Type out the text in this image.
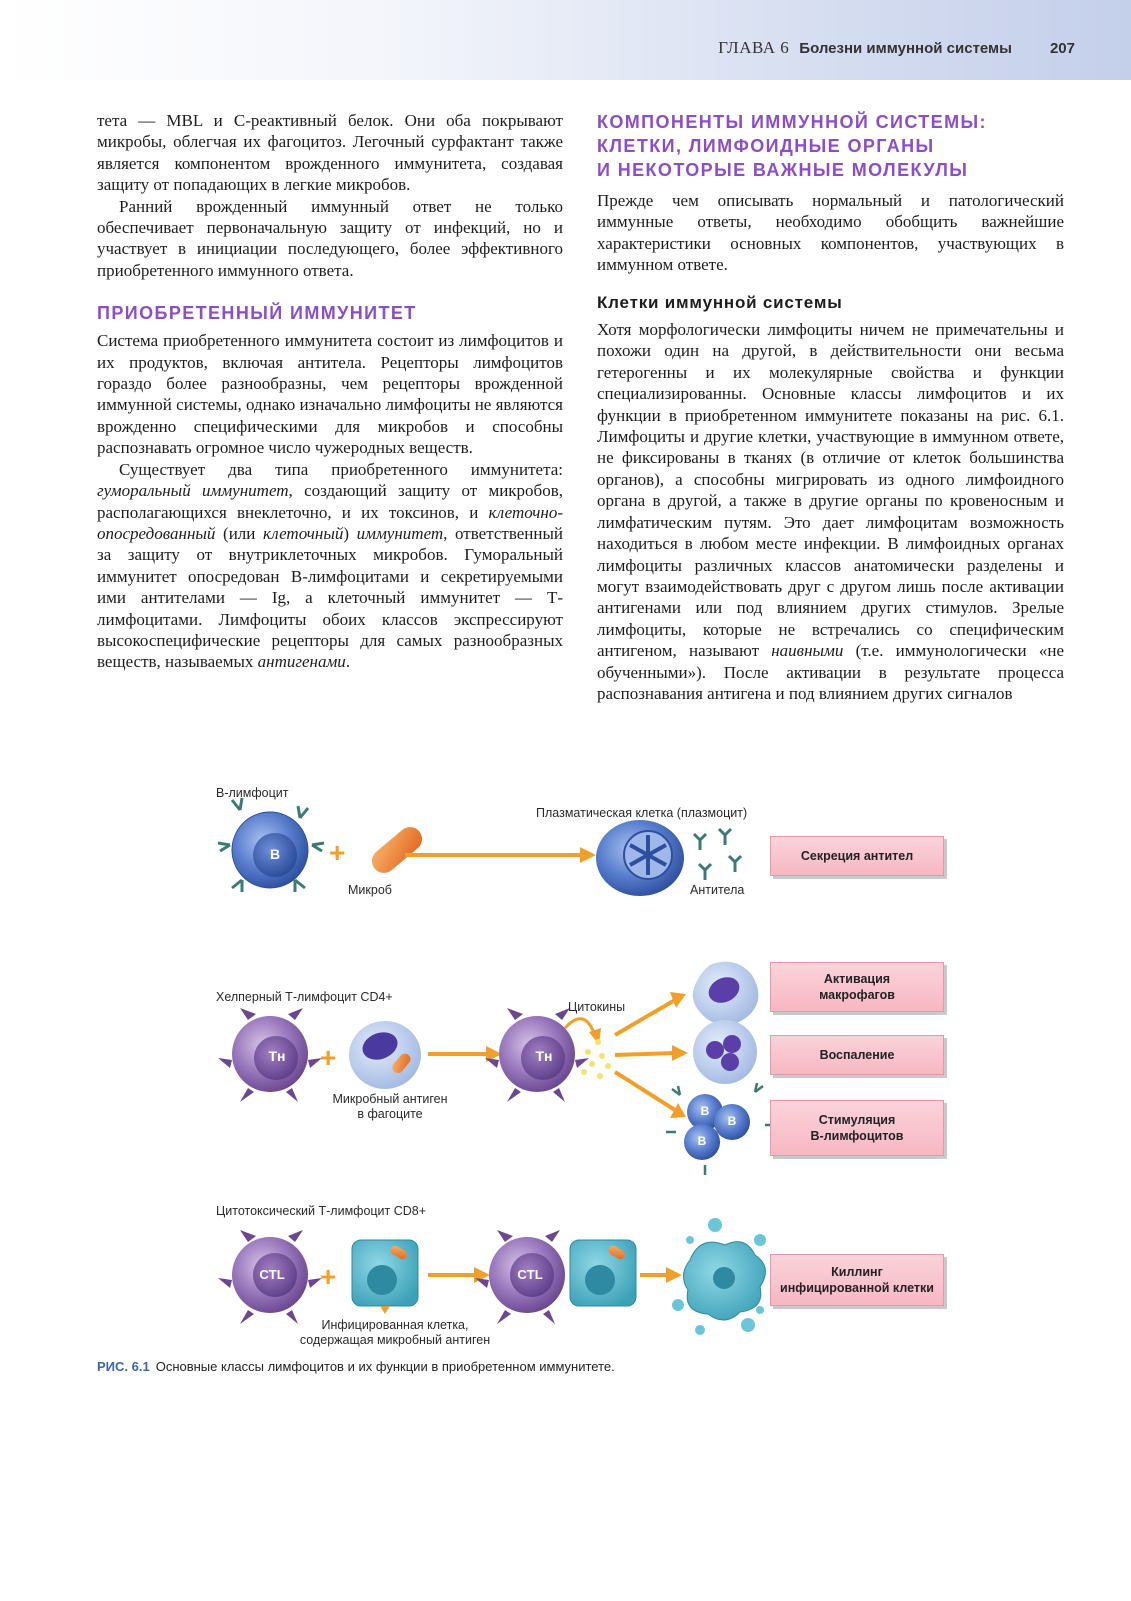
ГЛАВА 6 Болезни иммунной системы	207

тета — MBL и С-реактивный белок. Они оба покрывают микробы, облегчая их фагоцитоз. Легочный сурфактант также является компонентом врожденного иммунитета, создавая защиту от попадающих в легкие микробов.

Ранний врожденный иммунный ответ не только обеспечивает первоначальную защиту от инфекций, но и участвует в инициации последующего, более эффективного приобретенного иммунного ответа.

ПРИОБРЕТЕННЫЙ ИММУНИТЕТ

Система приобретенного иммунитета состоит из лимфоцитов и их продуктов, включая антитела. Рецепторы лимфоцитов гораздо более разнообразны, чем рецепторы врожденной иммунной системы, однако изначально лимфоциты не являются врожденно специфическими для микробов и способны распознавать огромное число чужеродных веществ.

Существует два типа приобретенного иммунитета: гуморальный иммунитет, создающий защиту от микробов, располагающихся внеклеточно, и их токсинов, и клеточно-опосредованный (или клеточный) иммунитет, ответственный за защиту от внутриклеточных микробов. Гуморальный иммунитет опосредован В-лимфоцитами и секретируемыми ими антителами — Ig, а клеточный иммунитет — Т-лимфоцитами. Лимфоциты обоих классов экспрессируют высокоспецифические рецепторы для самых разнообразных веществ, называемых антигенами.

КОМПОНЕНТЫ ИММУННОЙ СИСТЕМЫ:
КЛЕТКИ, ЛИМФОИДНЫЕ ОРГАНЫ
И НЕКОТОРЫЕ ВАЖНЫЕ МОЛЕКУЛЫ

Прежде чем описывать нормальный и патологический иммунные ответы, необходимо обобщить важнейшие характеристики основных компонентов, участвующих в иммунном ответе.

Клетки иммунной системы

Хотя морфологически лимфоциты ничем не примечательны и похожи один на другой, в действительности они весьма гетерогенны и их молекулярные свойства и функции специализированны. Основные классы лимфоцитов и их функции в приобретенном иммунитете показаны на рис. 6.1. Лимфоциты и другие клетки, участвующие в иммунном ответе, не фиксированы в тканях (в отличие от клеток большинства органов), а способны мигрировать из одного лимфоидного органа в другой, а также в другие органы по кровеносным и лимфатическим путям. Это дает лимфоцитам возможность находиться в любом месте инфекции. В лимфоидных органах лимфоциты различных классов анатомически разделены и могут взаимодействовать друг с другом лишь после активации антигенами или под влиянием других стимулов. Зрелые лимфоциты, которые не встречались со специфическим антигеном, называют наивными (т.е. иммунологически «не обученными»). После активации в результате процесса распознавания антигена и под влиянием других сигналов

+
+
+
В-лимфоцит
B
Микроб
Плазматическая клетка (плазмоцит)
Антитела
Секреция антител
Хелперный Т-лимфоцит CD4+
Tн	Tн
Микробный антиген
в фагоците
Цитокины
B
B
B
Активация
макрофагов
Воспаление
Стимуляция
В-лимфоцитов
Цитотоксический Т-лимфоцит CD8+
CTL	CTL
Инфицированная клетка,
содержащая микробный антиген
Киллинг
инфицированной клетки
РИС. 6.1 Основные классы лимфоцитов и их функции в приобретенном иммунитете.
